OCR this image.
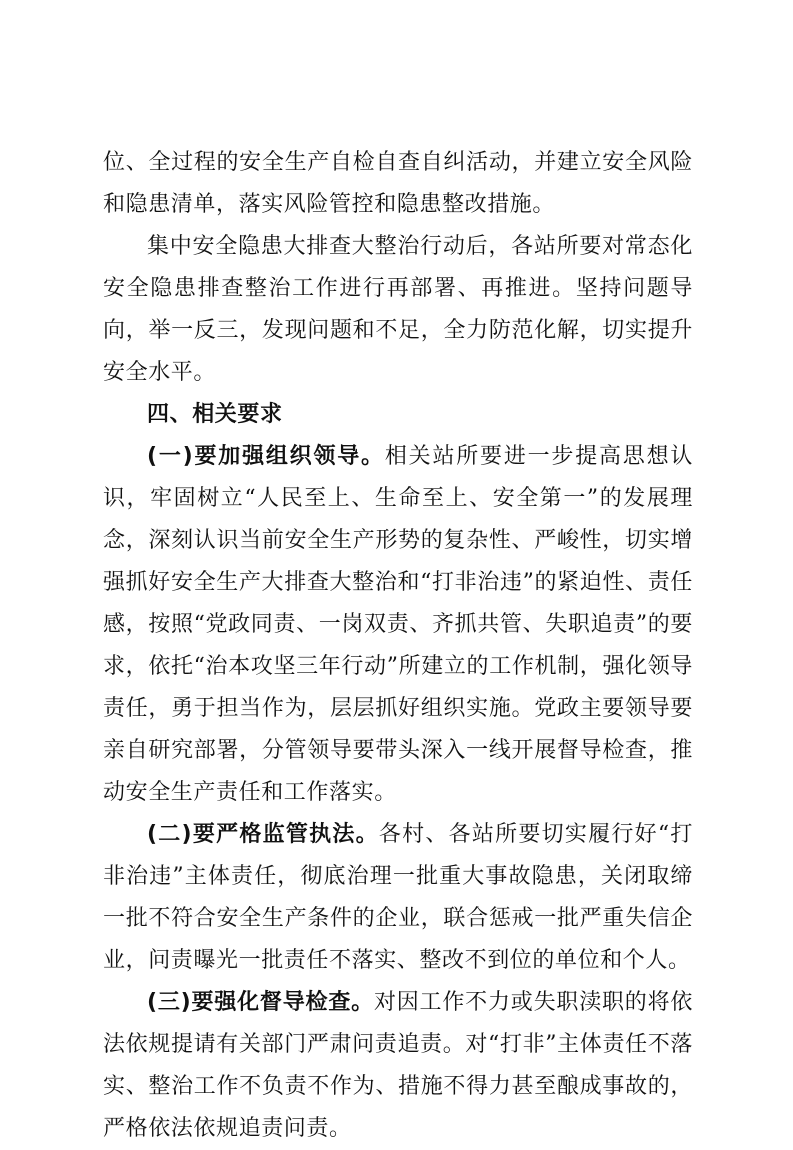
位、全过程的安全生产自检自查自纠活动，并建立安全风险和隐患清单，落实风险管控和隐患整改措施。

集中安全隐患大排查大整治行动后，各站所要对常态化安全隐患排查整治工作进行再部署、再推进。坚持问题导向，举一反三，发现问题和不足，全力防范化解，切实提升安全水平。

四、相关要求

(一)要加强组织领导。相关站所要进一步提高思想认识，牢固树立“人民至上、生命至上、安全第一”的发展理念，深刻认识当前安全生产形势的复杂性、严峻性，切实增强抓好安全生产大排查大整治和“打非治违”的紧迫性、责任感，按照“党政同责、一岗双责、齐抓共管、失职追责”的要求，依托“治本攻坚三年行动”所建立的工作机制，强化领导责任，勇于担当作为，层层抓好组织实施。党政主要领导要亲自研究部署，分管领导要带头深入一线开展督导检查，推动安全生产责任和工作落实。

(二)要严格监管执法。各村、各站所要切实履行好“打非治违”主体责任，彻底治理一批重大事故隐患，关闭取缔一批不符合安全生产条件的企业，联合惩戒一批严重失信企业，问责曝光一批责任不落实、整改不到位的单位和个人。

(三)要强化督导检查。对因工作不力或失职渎职的将依法依规提请有关部门严肃问责追责。对“打非”主体责任不落实、整治工作不负责不作为、措施不得力甚至酿成事故的，严格依法依规追责问责。
